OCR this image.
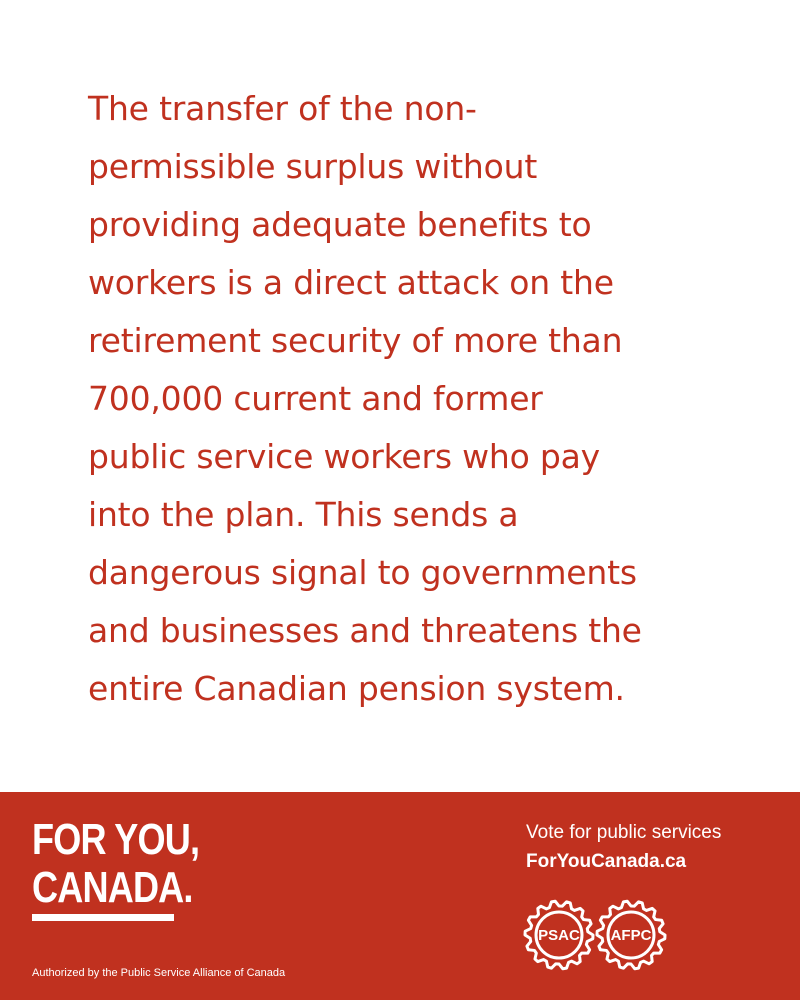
The transfer of the non-
permissible surplus without
providing adequate benefits to
workers is a direct attack on the
retirement security of more than
700,000 current and former
public service workers who pay
into the plan. This sends a
dangerous signal to governments
and businesses and threatens the
entire Canadian pension system.

FOR YOU,
CANADA.
Authorized by the Public Service Alliance of Canada
Vote for public services
ForYouCanada.ca
PSAC AFPC
